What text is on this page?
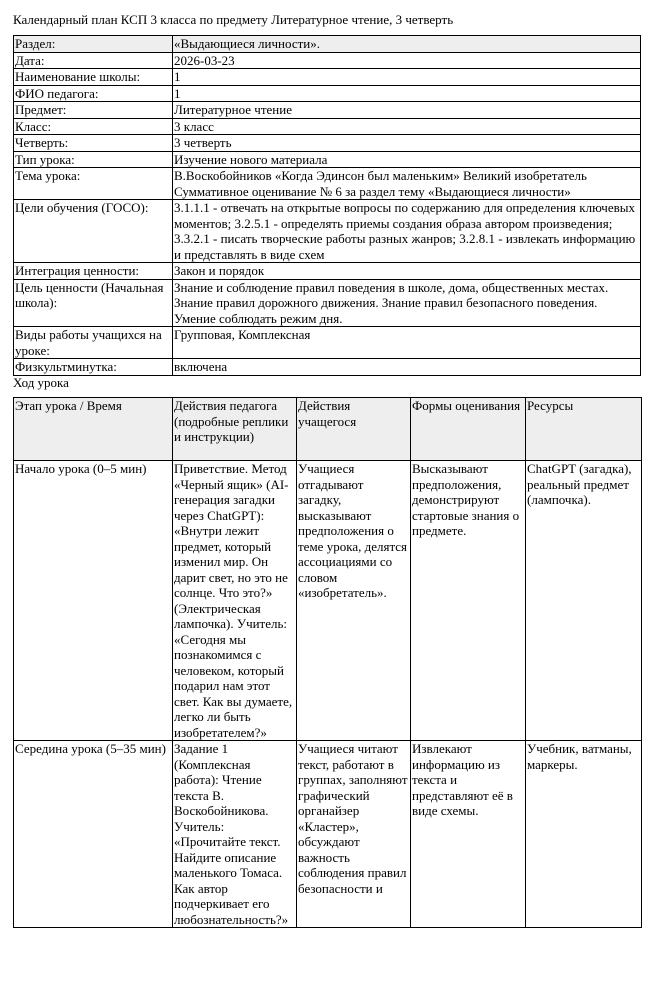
Календарный план КСП 3 класса по предмету Литературное чтение, 3 четверть
Раздел:	«Выдающиеся личности».
Дата:	2026-03-23
Наименование школы:	1
ФИО педагога:	1
Предмет:	Литературное чтение
Класс:	3 класс
Четверть:	3 четверть
Тип урока:	Изучение нового материала
Тема урока:	В.Воскобойников «Когда Эдинсон был маленьким» Великий изобретатель Суммативное оценивание № 6 за раздел тему «Выдающиеся личности»
Цели обучения (ГОСО):	3.1.1.1 - отвечать на открытые вопросы по содержанию для определения ключевых моментов; 3.2.5.1 - определять приемы создания образа автором произведения; 3.3.2.1 - писать творческие работы разных жанров; 3.2.8.1 - извлекать информацию и представлять в виде схем
Интеграция ценности:	Закон и порядок
Цель ценности (Начальная школа):	Знание и соблюдение правил поведения в школе, дома, общественных местах. Знание правил дорожного движения. Знание правил безопасного поведения. Умение соблюдать режим дня.
Виды работы учащихся на уроке:	Групповая, Комплексная
Физкультминутка:	включена
Ход урока
Этап урока / Время	Действия педагога (подробные реплики и инструкции)	Действия учащегося	Формы оценивания	Ресурсы
Начало урока (0–5 мин)	Приветствие. Метод «Черный ящик» (AI-генерация загадки через ChatGPT): «Внутри лежит предмет, который изменил мир. Он дарит свет, но это не солнце. Что это?» (Электрическая лампочка). Учитель: «Сегодня мы познакомимся с человеком, который подарил нам этот свет. Как вы думаете, легко ли быть изобретателем?»	Учащиеся отгадывают загадку, высказывают предположения о теме урока, делятся ассоциациями со словом «изобретатель».	Высказывают предположения, демонстрируют стартовые знания о предмете.	ChatGPT (загадка), реальный предмет (лампочка).
Середина урока (5–35 мин)	Задание 1 (Комплексная работа): Чтение текста В. Воскобойникова. Учитель: «Прочитайте текст. Найдите описание маленького Томаса. Как автор подчеркивает его любознательность?»	Учащиеся читают текст, работают в группах, заполняют графический органайзер «Кластер», обсуждают важность соблюдения правил безопасности и	Извлекают информацию из текста и представляют её в виде схемы.	Учебник, ватманы, маркеры.
